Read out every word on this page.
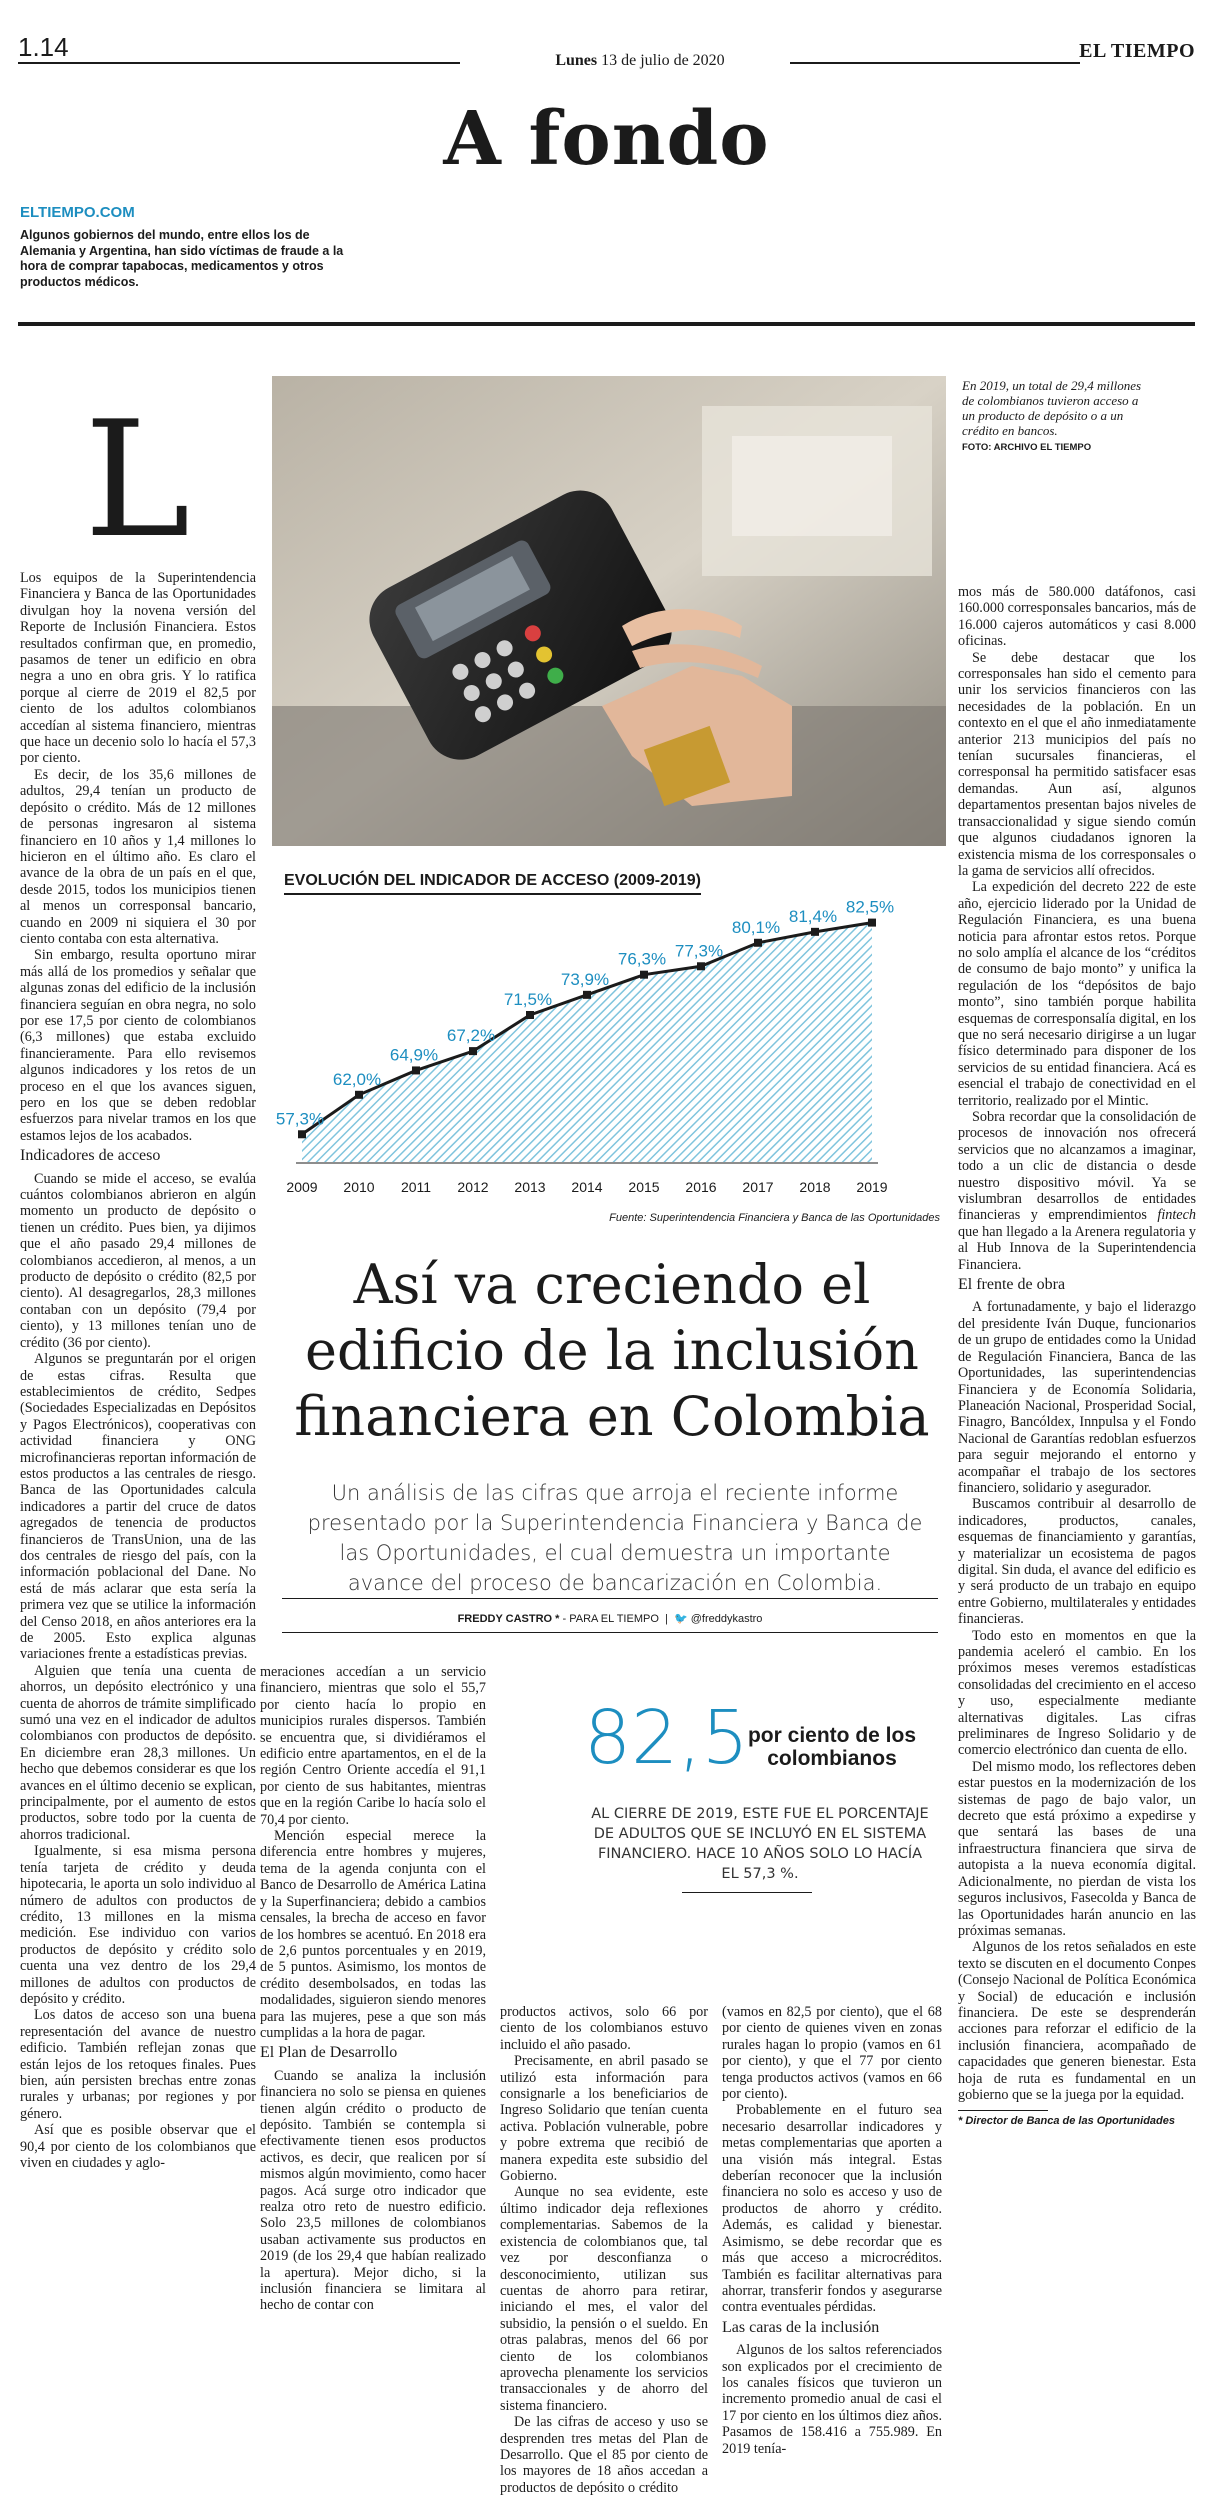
1.14	Lunes 13 de julio de 2020	EL TIEMPO
A fondo
ELTIEMPO.COM
Algunos gobiernos del mundo, entre ellos los de Alemania y Argentina, han sido víctimas de fraude a la hora de comprar tapabocas, medicamentos y otros productos médicos.
L
En 2019, un total de 29,4 millones de colombianos tuvieron acceso a un producto de depósito o a un crédito en bancos.
FOTO: ARCHIVO EL TIEMPO
EVOLUCIÓN DEL INDICADOR DE ACCESO (2009-2019)
57,3%
2009
62,0%
2010
64,9%
2011
67,2%
2012
71,5%
2013
73,9%
2014
76,3%
2015
77,3%
2016
80,1%
2017
81,4%
2018
82,5%
2019
Fuente: Superintendencia Financiera y Banca de las Oportunidades
Así va creciendo el edificio de la inclusión financiera en Colombia
Un análisis de las cifras que arroja el reciente informe presentado por la Superintendencia Financiera y Banca de las Oportunidades, el cual demuestra un importante avance del proceso de bancarización en Colombia.
FREDDY CASTRO * - PARA EL TIEMPO  |  🐦 @freddykastro
82,5 por ciento de los colombianos
AL CIERRE DE 2019, ESTE FUE EL PORCENTAJE DE ADULTOS QUE SE INCLUYÓ EN EL SISTEMA FINANCIERO. HACE 10 AÑOS SOLO LO HACÍA EL 57,3 %.

Los equipos de la Superintendencia Financiera y Banca de las Oportunidades divulgan hoy la novena versión del Reporte de Inclusión Financiera. Estos resultados confirman que, en promedio, pasamos de tener un edificio en obra negra a uno en obra gris. Y lo ratifica porque al cierre de 2019 el 82,5 por ciento de los adultos colombianos accedían al sistema financiero, mientras que hace un decenio solo lo hacía el 57,3 por ciento.

Es decir, de los 35,6 millones de adultos, 29,4 tenían un producto de depósito o crédito. Más de 12 millones de personas ingresaron al sistema financiero en 10 años y 1,4 millones lo hicieron en el último año. Es claro el avance de la obra de un país en el que, desde 2015, todos los municipios tienen al menos un corresponsal bancario, cuando en 2009 ni siquiera el 30 por ciento contaba con esta alternativa.

Sin embargo, resulta oportuno mirar más allá de los promedios y señalar que algunas zonas del edificio de la inclusión financiera seguían en obra negra, no solo por ese 17,5 por ciento de colombianos (6,3 millones) que estaba excluido financieramente. Para ello revisemos algunos indicadores y los retos de un proceso en el que los avances siguen, pero en los que se deben redoblar esfuerzos para nivelar tramos en los que estamos lejos de los acabados.

Indicadores de acceso

Cuando se mide el acceso, se evalúa cuántos colombianos abrieron en algún momento un producto de depósito o tienen un crédito. Pues bien, ya dijimos que el año pasado 29,4 millones de colombianos accedieron, al menos, a un producto de depósito o crédito (82,5 por ciento). Al desagregarlos, 28,3 millones contaban con un depósito (79,4 por ciento), y 13 millones tenían uno de crédito (36 por ciento).

Algunos se preguntarán por el origen de estas cifras. Resulta que establecimientos de crédito, Sedpes (Sociedades Especializadas en Depósitos y Pagos Electrónicos), cooperativas con actividad financiera y ONG microfinancieras reportan información de estos productos a las centrales de riesgo. Banca de las Oportunidades calcula indicadores a partir del cruce de datos agregados de tenencia de productos financieros de TransUnion, una de las dos centrales de riesgo del país, con la información poblacional del Dane. No está de más aclarar que esta sería la primera vez que se utilice la información del Censo 2018, en años anteriores era la de 2005. Esto explica algunas variaciones frente a estadísticas previas.

Alguien que tenía una cuenta de ahorros, un depósito electrónico y una cuenta de ahorros de trámite simplificado sumó una vez en el indicador de adultos colombianos con productos de depósito. En diciembre eran 28,3 millones. Un hecho que debemos considerar es que los avances en el último decenio se explican, principalmente, por el aumento de estos productos, sobre todo por la cuenta de ahorros tradicional.

Igualmente, si esa misma persona tenía tarjeta de crédito y deuda hipotecaria, le aporta un solo individuo al número de adultos con productos de crédito, 13 millones en la misma medición. Ese individuo con varios productos de depósito y crédito solo cuenta una vez dentro de los 29,4 millones de adultos con productos de depósito y crédito.

Los datos de acceso son una buena representación del avance de nuestro edificio. También reflejan zonas que están lejos de los retoques finales. Pues bien, aún persisten brechas entre zonas rurales y urbanas; por regiones y por género.

Así que es posible observar que el 90,4 por ciento de los colombianos que viven en ciudades y aglo-

meraciones accedían a un servicio financiero, mientras que solo el 55,7 por ciento hacía lo propio en municipios rurales dispersos. También se encuentra que, si dividiéramos el edificio entre apartamentos, en el de la región Centro Oriente accedía el 91,1 por ciento de sus habitantes, mientras que en la región Caribe lo hacía solo el 70,4 por ciento.

Mención especial merece la diferencia entre hombres y mujeres, tema de la agenda conjunta con el Banco de Desarrollo de América Latina y la Superfinanciera; debido a cambios censales, la brecha de acceso en favor de los hombres se acentuó. En 2018 era de 2,6 puntos porcentuales y en 2019, de 5 puntos. Asimismo, los montos de crédito desembolsados, en todas las modalidades, siguieron siendo menores para las mujeres, pese a que son más cumplidas a la hora de pagar.

El Plan de Desarrollo

Cuando se analiza la inclusión financiera no solo se piensa en quienes tienen algún crédito o producto de depósito. También se contempla si efectivamente tienen esos productos activos, es decir, que realicen por sí mismos algún movimiento, como hacer pagos. Acá surge otro indicador que realza otro reto de nuestro edificio. Solo 23,5 millones de colombianos usaban activamente sus productos en 2019 (de los 29,4 que habían realizado la apertura). Mejor dicho, si la inclusión financiera se limitara al hecho de contar con

productos activos, solo 66 por ciento de los colombianos estuvo incluido el año pasado.

Precisamente, en abril pasado se utilizó esta información para consignarle a los beneficiarios de Ingreso Solidario que tenían cuenta activa. Población vulnerable, pobre y pobre extrema que recibió de manera expedita este subsidio del Gobierno.

Aunque no sea evidente, este último indicador deja reflexiones complementarias. Sabemos de la existencia de colombianos que, tal vez por desconfianza o desconocimiento, utilizan sus cuentas de ahorro para retirar, iniciando el mes, el valor del subsidio, la pensión o el sueldo. En otras palabras, menos del 66 por ciento de los colombianos aprovecha plenamente los servicios transaccionales y de ahorro del sistema financiero.

De las cifras de acceso y uso se desprenden tres metas del Plan de Desarrollo. Que el 85 por ciento de los mayores de 18 años accedan a productos de depósito o crédito

(vamos en 82,5 por ciento), que el 68 por ciento de quienes viven en zonas rurales hagan lo propio (vamos en 61 por ciento), y que el 77 por ciento tenga productos activos (vamos en 66 por ciento).

Probablemente en el futuro sea necesario desarrollar indicadores y metas complementarias que aporten a una visión más integral. Estas deberían reconocer que la inclusión financiera no solo es acceso y uso de productos de ahorro y crédito. Además, es calidad y bienestar. Asimismo, se debe recordar que es más que acceso a microcréditos. También es facilitar alternativas para ahorrar, transferir fondos y asegurarse contra eventuales pérdidas.

Las caras de la inclusión

Algunos de los saltos referenciados son explicados por el crecimiento de los canales físicos que tuvieron un incremento promedio anual de casi el 17 por ciento en los últimos diez años. Pasamos de 158.416 a 755.989. En 2019 tenía-

mos más de 580.000 datáfonos, casi 160.000 corresponsales bancarios, más de 16.000 cajeros automáticos y casi 8.000 oficinas.

Se debe destacar que los corresponsales han sido el cemento para unir los servicios financieros con las necesidades de la población. En un contexto en el que el año inmediatamente anterior 213 municipios del país no tenían sucursales financieras, el corresponsal ha permitido satisfacer esas demandas. Aun así, algunos departamentos presentan bajos niveles de transaccionalidad y sigue siendo común que algunos ciudadanos ignoren la existencia misma de los corresponsales o la gama de servicios allí ofrecidos.

La expedición del decreto 222 de este año, ejercicio liderado por la Unidad de Regulación Financiera, es una buena noticia para afrontar estos retos. Porque no solo amplía el alcance de los “créditos de consumo de bajo monto” y unifica la regulación de los “depósitos de bajo monto”, sino también porque habilita esquemas de corresponsalía digital, en los que no será necesario dirigirse a un lugar físico determinado para disponer de los servicios de su entidad financiera. Acá es esencial el trabajo de conectividad en el territorio, realizado por el Mintic.

Sobra recordar que la consolidación de procesos de innovación nos ofrecerá servicios que no alcanzamos a imaginar, todo a un clic de distancia o desde nuestro dispositivo móvil. Ya se vislumbran desarrollos de entidades financieras y emprendimientos fintech que han llegado a la Arenera regulatoria y al Hub Innova de la Superintendencia Financiera.

El frente de obra

A fortunadamente, y bajo el liderazgo del presidente Iván Duque, funcionarios de un grupo de entidades como la Unidad de Regulación Financiera, Banca de las Oportunidades, las superintendencias Financiera y de Economía Solidaria, Planeación Nacional, Prosperidad Social, Finagro, Bancóldex, Innpulsa y el Fondo Nacional de Garantías redoblan esfuerzos para seguir mejorando el entorno y acompañar el trabajo de los sectores financiero, solidario y asegurador.

Buscamos contribuir al desarrollo de indicadores, productos, canales, esquemas de financiamiento y garantías, y materializar un ecosistema de pagos digital. Sin duda, el avance del edificio es y será producto de un trabajo en equipo entre Gobierno, multilaterales y entidades financieras.

Todo esto en momentos en que la pandemia aceleró el cambio. En los próximos meses veremos estadísticas consolidadas del crecimiento en el acceso y uso, especialmente mediante alternativas digitales. Las cifras preliminares de Ingreso Solidario y de comercio electrónico dan cuenta de ello.

Del mismo modo, los reflectores deben estar puestos en la modernización de los sistemas de pago de bajo valor, un decreto que está próximo a expedirse y que sentará las bases de una infraestructura financiera que sirva de autopista a la nueva economía digital. Adicionalmente, no pierdan de vista los seguros inclusivos, Fasecolda y Banca de las Oportunidades harán anuncio en las próximas semanas.

Algunos de los retos señalados en este texto se discuten en el documento Conpes (Consejo Nacional de Política Económica y Social) de educación e inclusión financiera. De este se desprenderán acciones para reforzar el edificio de la inclusión financiera, acompañado de capacidades que generen bienestar. Esta hoja de ruta es fundamental en un gobierno que se la juega por la equidad.

* Director de Banca de las Oportunidades
